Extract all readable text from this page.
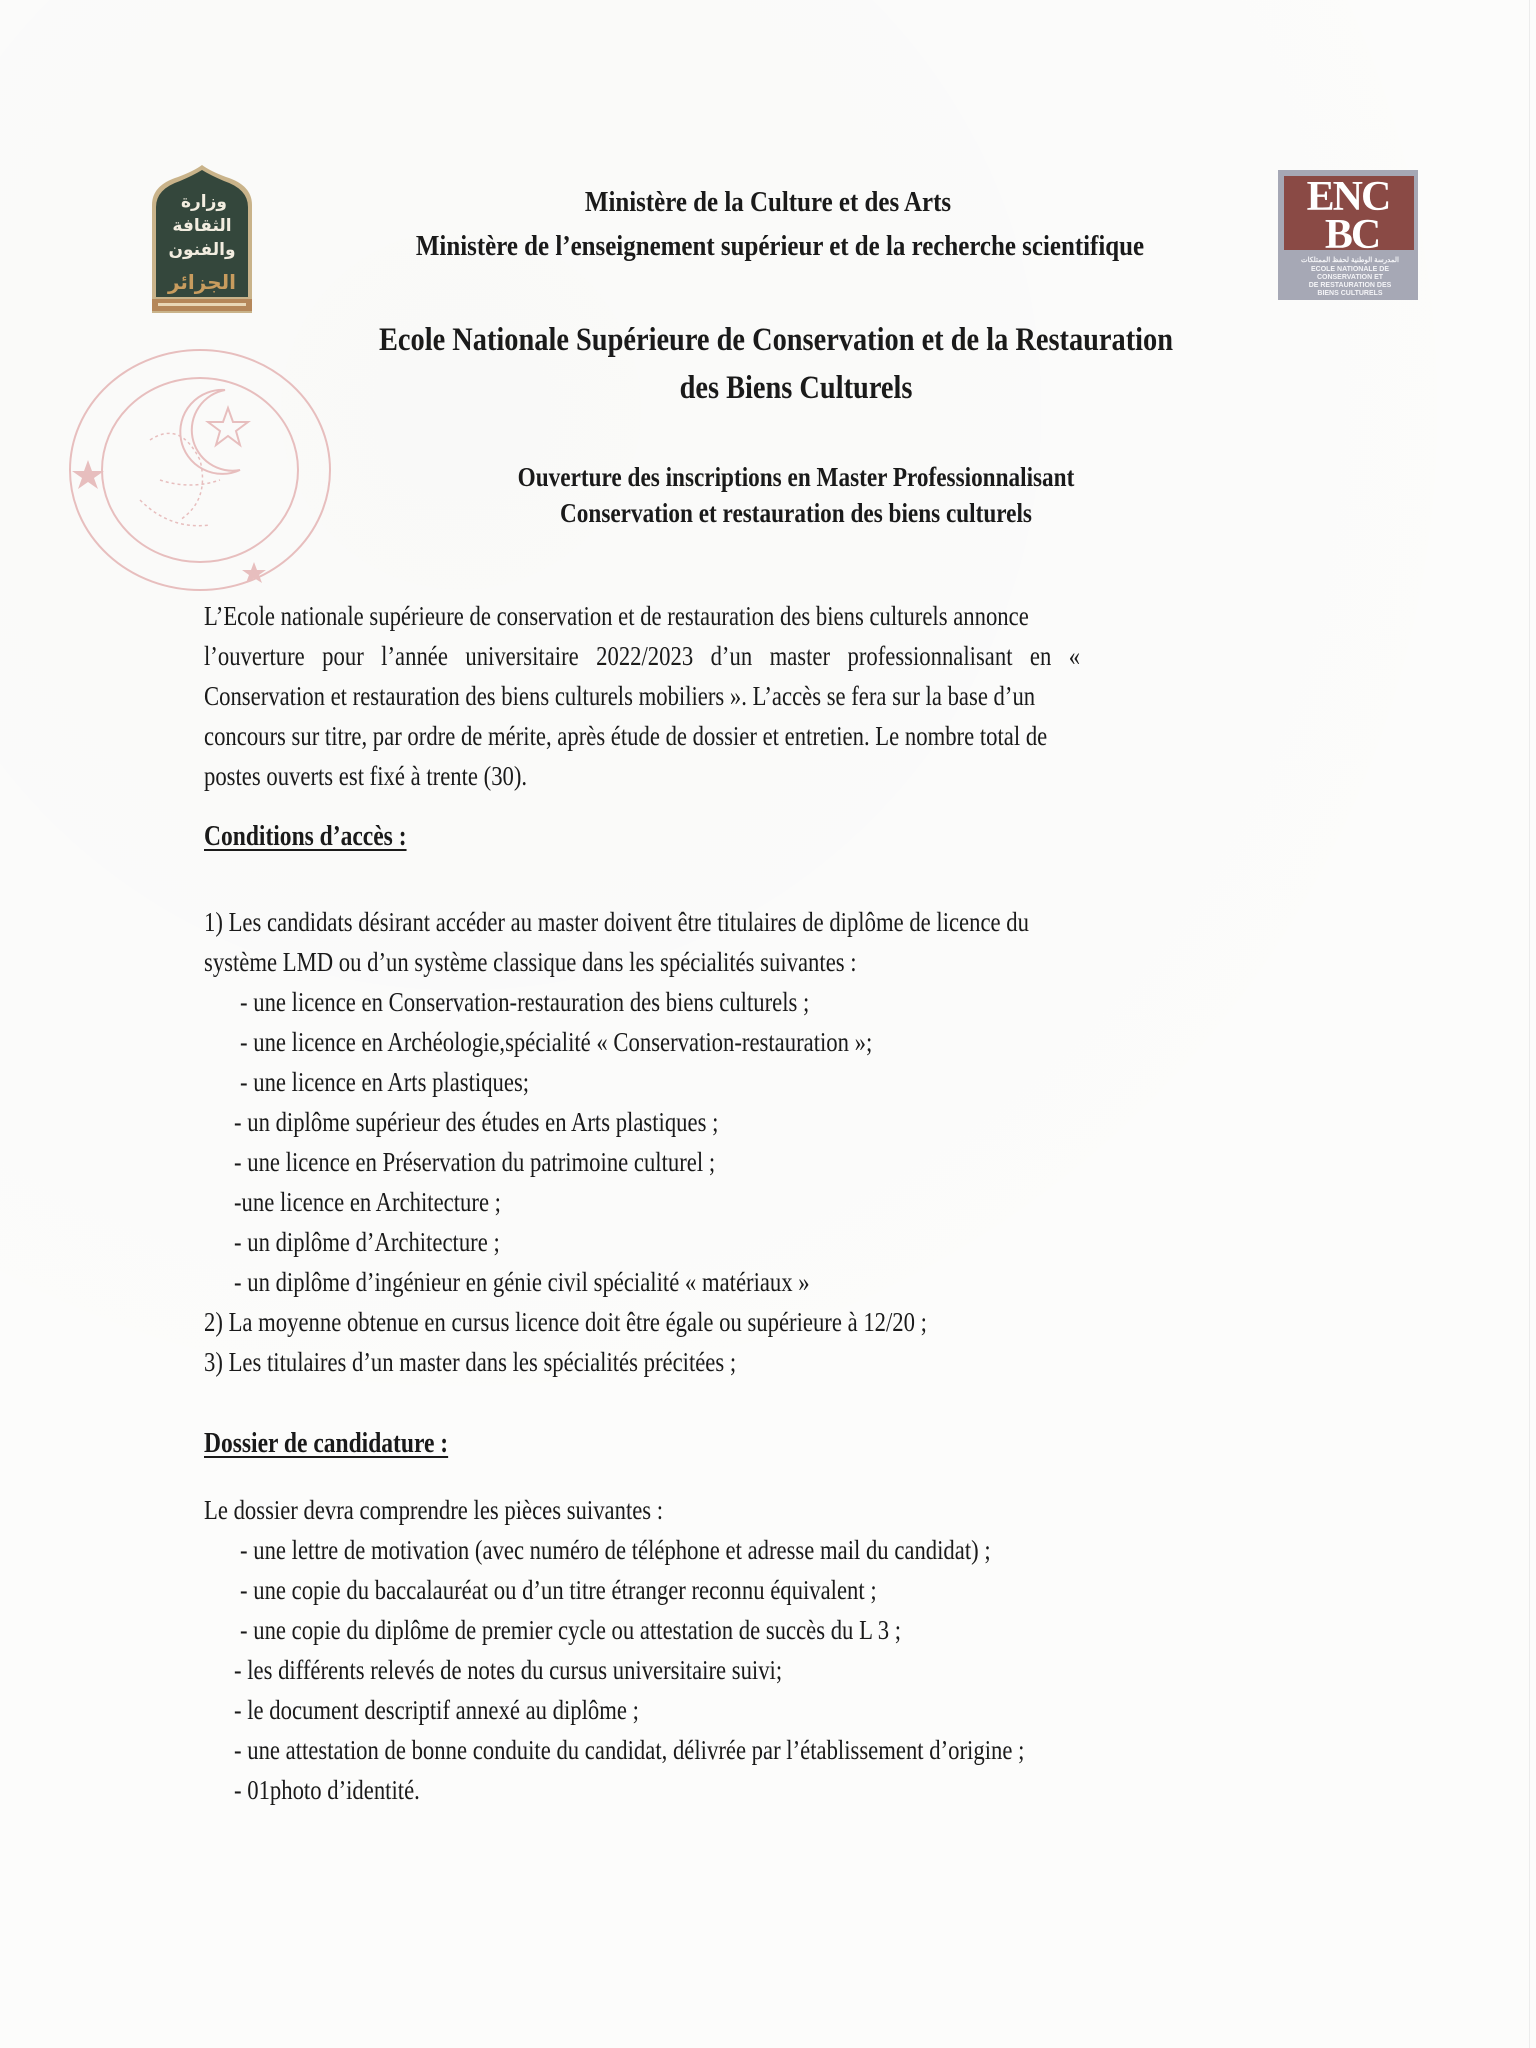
وزارة
الثقافة
والفنون
الجزائر
ENC
BC
المدرسة الوطنية لحفظ الممتلكات
ECOLE NATIONALE DE
CONSERVATION ET
DE RESTAURATION DES
BIENS CULTURELS
Ministère de la Culture et des Arts
Ministère de l’enseignement supérieur et de la recherche scientifique
Ecole Nationale Supérieure de Conservation et de la Restauration
des Biens Culturels
Ouverture des inscriptions en Master Professionnalisant
Conservation et restauration des biens culturels
L’Ecole nationale supérieure de conservation et de restauration des biens culturels annonce
l’ouverture pour l’année universitaire 2022/2023 d’un master professionnalisant en «
Conservation et restauration des biens culturels mobiliers ». L’accès se fera sur la base d’un
concours sur titre, par ordre de mérite, après étude de dossier et entretien. Le nombre total de
postes ouverts est fixé à trente (30).
Conditions d’accès :
1) Les candidats désirant accéder au master doivent être titulaires de diplôme de licence du
système LMD ou d’un système classique dans les spécialités suivantes :
- une licence en Conservation-restauration des biens culturels ;
- une licence en Archéologie,spécialité « Conservation-restauration »;
- une licence en Arts plastiques;
- un diplôme supérieur des études en Arts plastiques ;
- une licence en Préservation du patrimoine culturel ;
-une licence en Architecture ;
- un diplôme d’Architecture ;
- un diplôme d’ingénieur en génie civil spécialité « matériaux »
2) La moyenne obtenue en cursus licence doit être égale ou supérieure à 12/20 ;
3) Les titulaires d’un master dans les spécialités précitées ;
Dossier de candidature :
Le dossier devra comprendre les pièces suivantes :
- une lettre de motivation (avec numéro de téléphone et adresse mail du candidat) ;
- une copie du baccalauréat ou d’un titre étranger reconnu équivalent ;
- une copie du diplôme de premier cycle ou attestation de succès du L 3 ;
- les différents relevés de notes du cursus universitaire suivi;
- le document descriptif annexé au diplôme ;
- une attestation de bonne conduite du candidat, délivrée par l’établissement d’origine ;
- 01photo d’identité.
